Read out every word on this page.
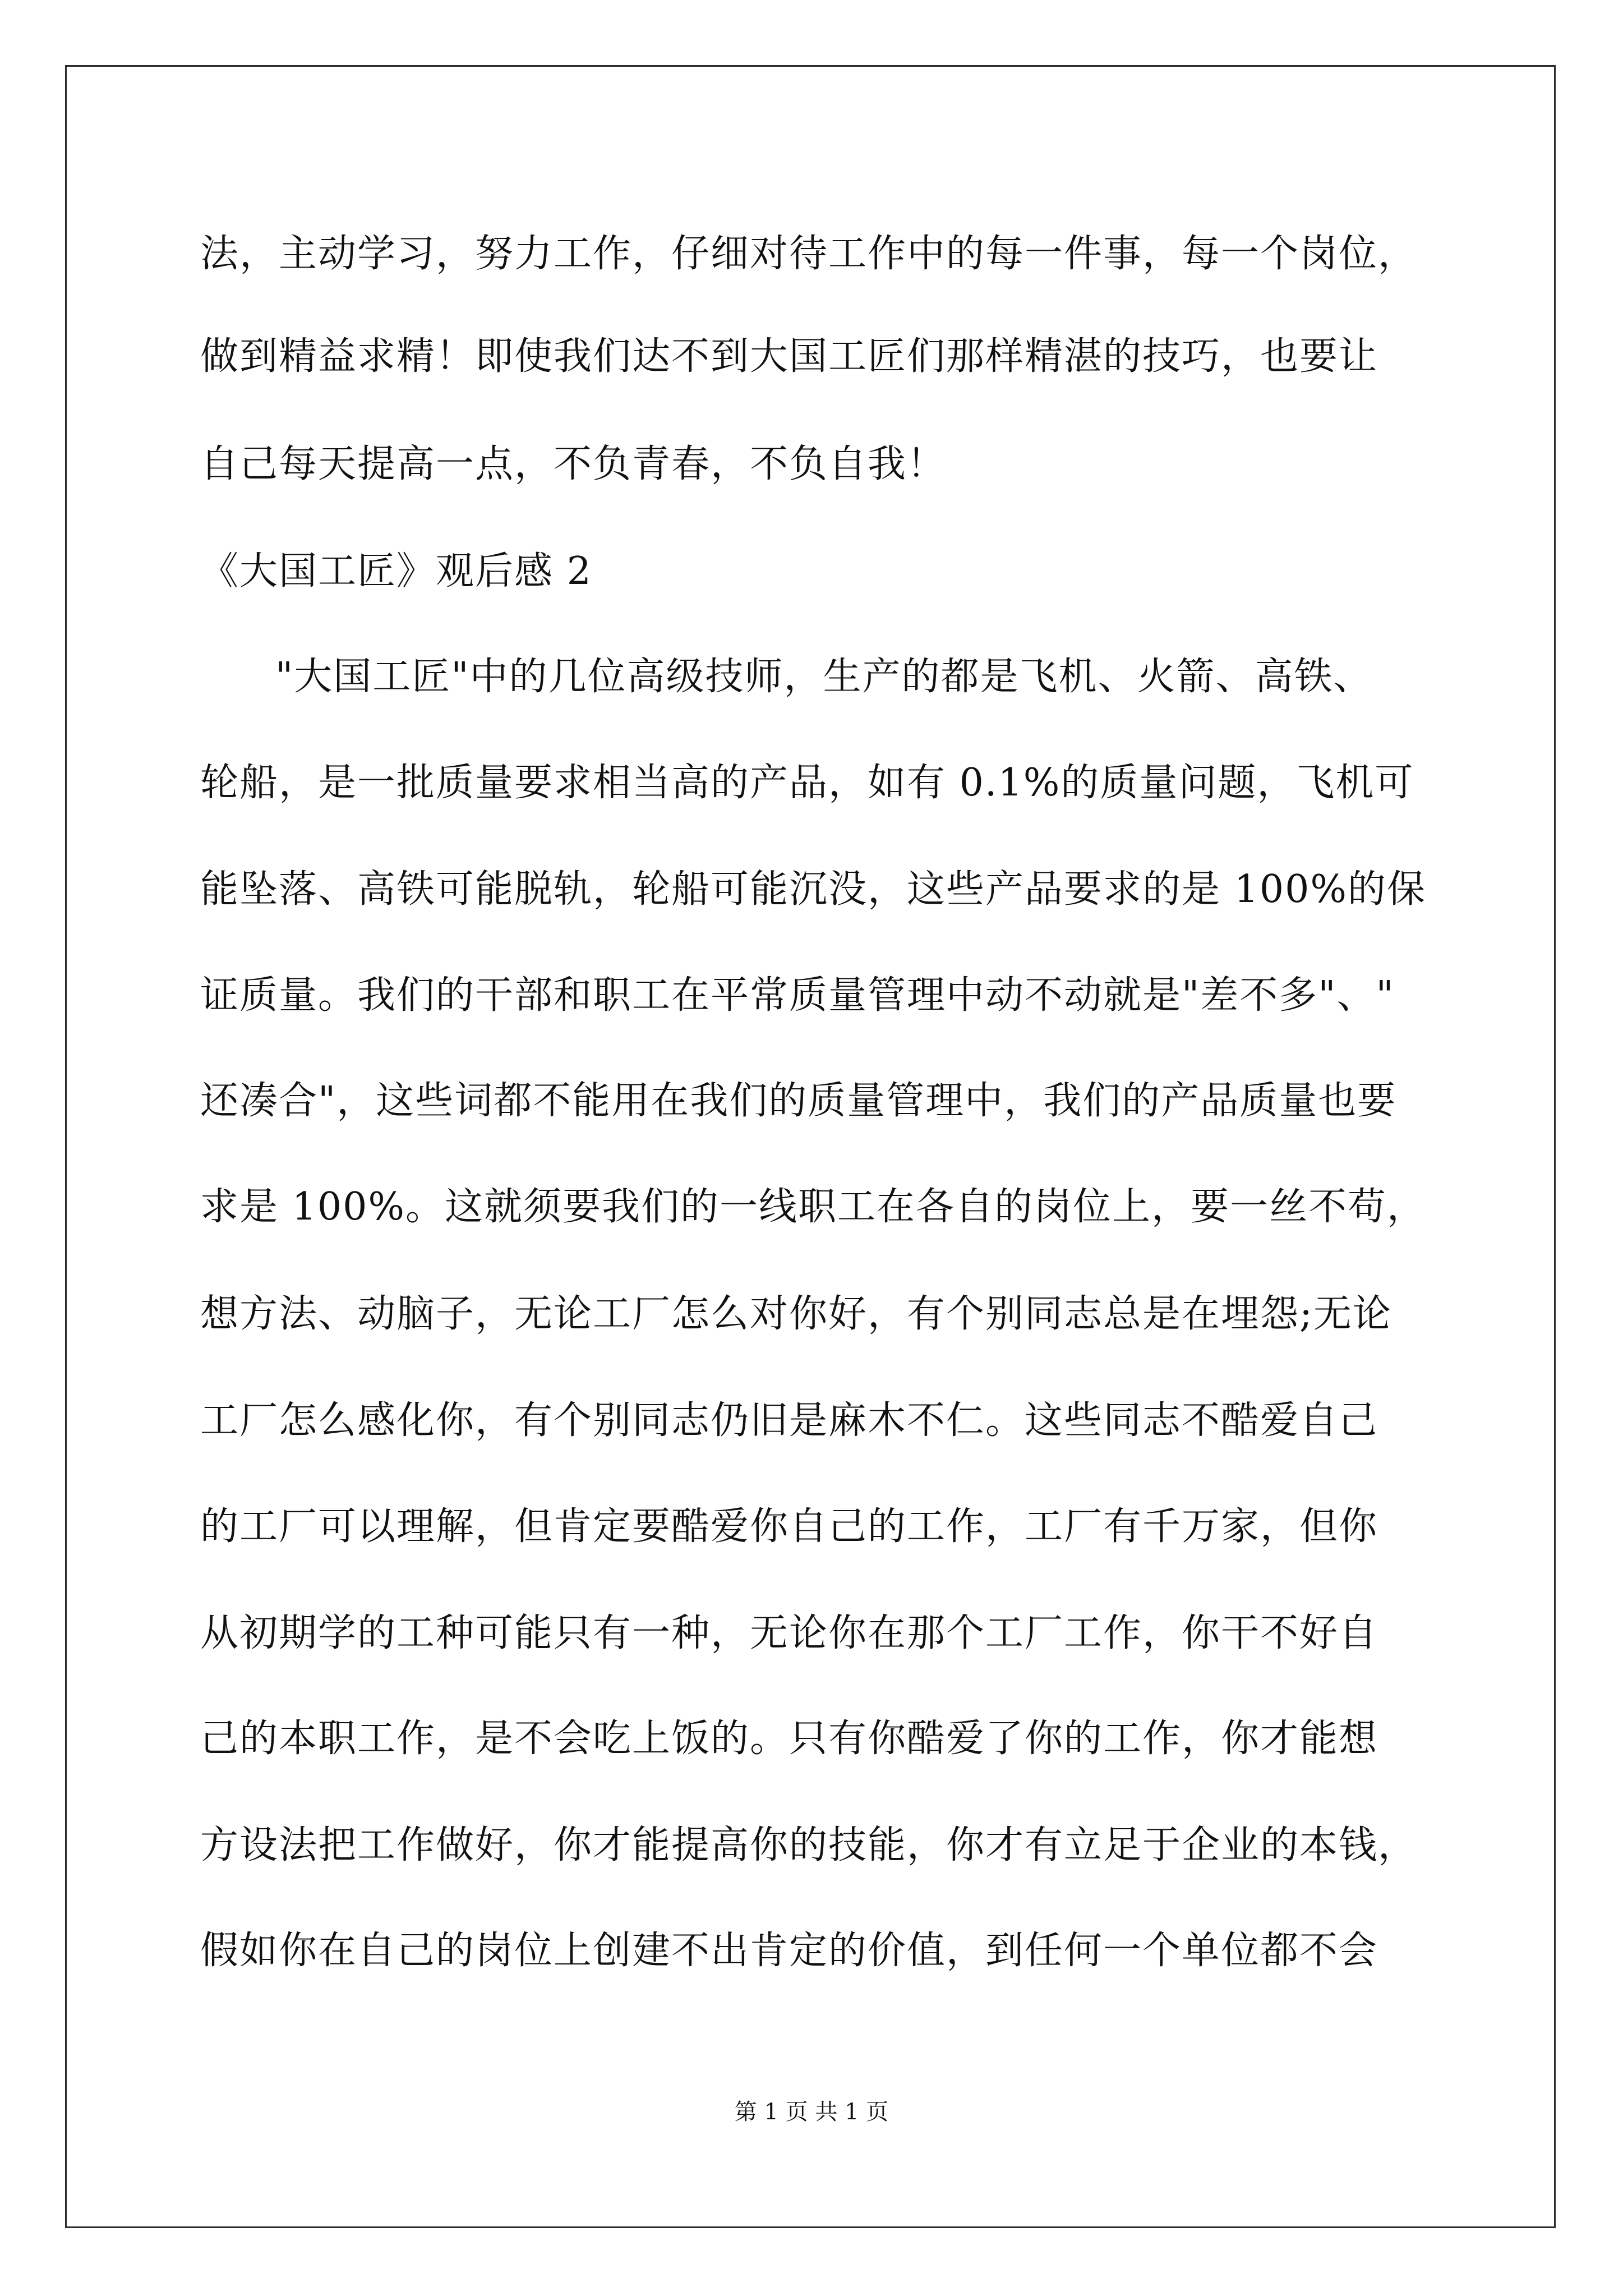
法，主动学习，努力工作，仔细对待工作中的每一件事，每一个岗位，
做到精益求精！即使我们达不到大国工匠们那样精湛的技巧，也要让
自己每天提高一点，不负青春，不负自我！
《大国工匠》观后感 2
"大国工匠"中的几位高级技师，生产的都是飞机、火箭、高铁、
轮船，是一批质量要求相当高的产品，如有 0.1%的质量问题，飞机可
能坠落、高铁可能脱轨，轮船可能沉没，这些产品要求的是 100%的保
证质量。我们的干部和职工在平常质量管理中动不动就是"差不多"、"
还凑合"，这些词都不能用在我们的质量管理中，我们的产品质量也要
求是 100%。这就须要我们的一线职工在各自的岗位上，要一丝不苟，
想方法、动脑子，无论工厂怎么对你好，有个别同志总是在埋怨;无论
工厂怎么感化你，有个别同志仍旧是麻木不仁。这些同志不酷爱自己
的工厂可以理解，但肯定要酷爱你自己的工作，工厂有千万家，但你
从初期学的工种可能只有一种，无论你在那个工厂工作，你干不好自
己的本职工作，是不会吃上饭的。只有你酷爱了你的工作，你才能想
方设法把工作做好，你才能提高你的技能，你才有立足于企业的本钱，
假如你在自己的岗位上创建不出肯定的价值，到任何一个单位都不会
第 1 页 共 1 页
